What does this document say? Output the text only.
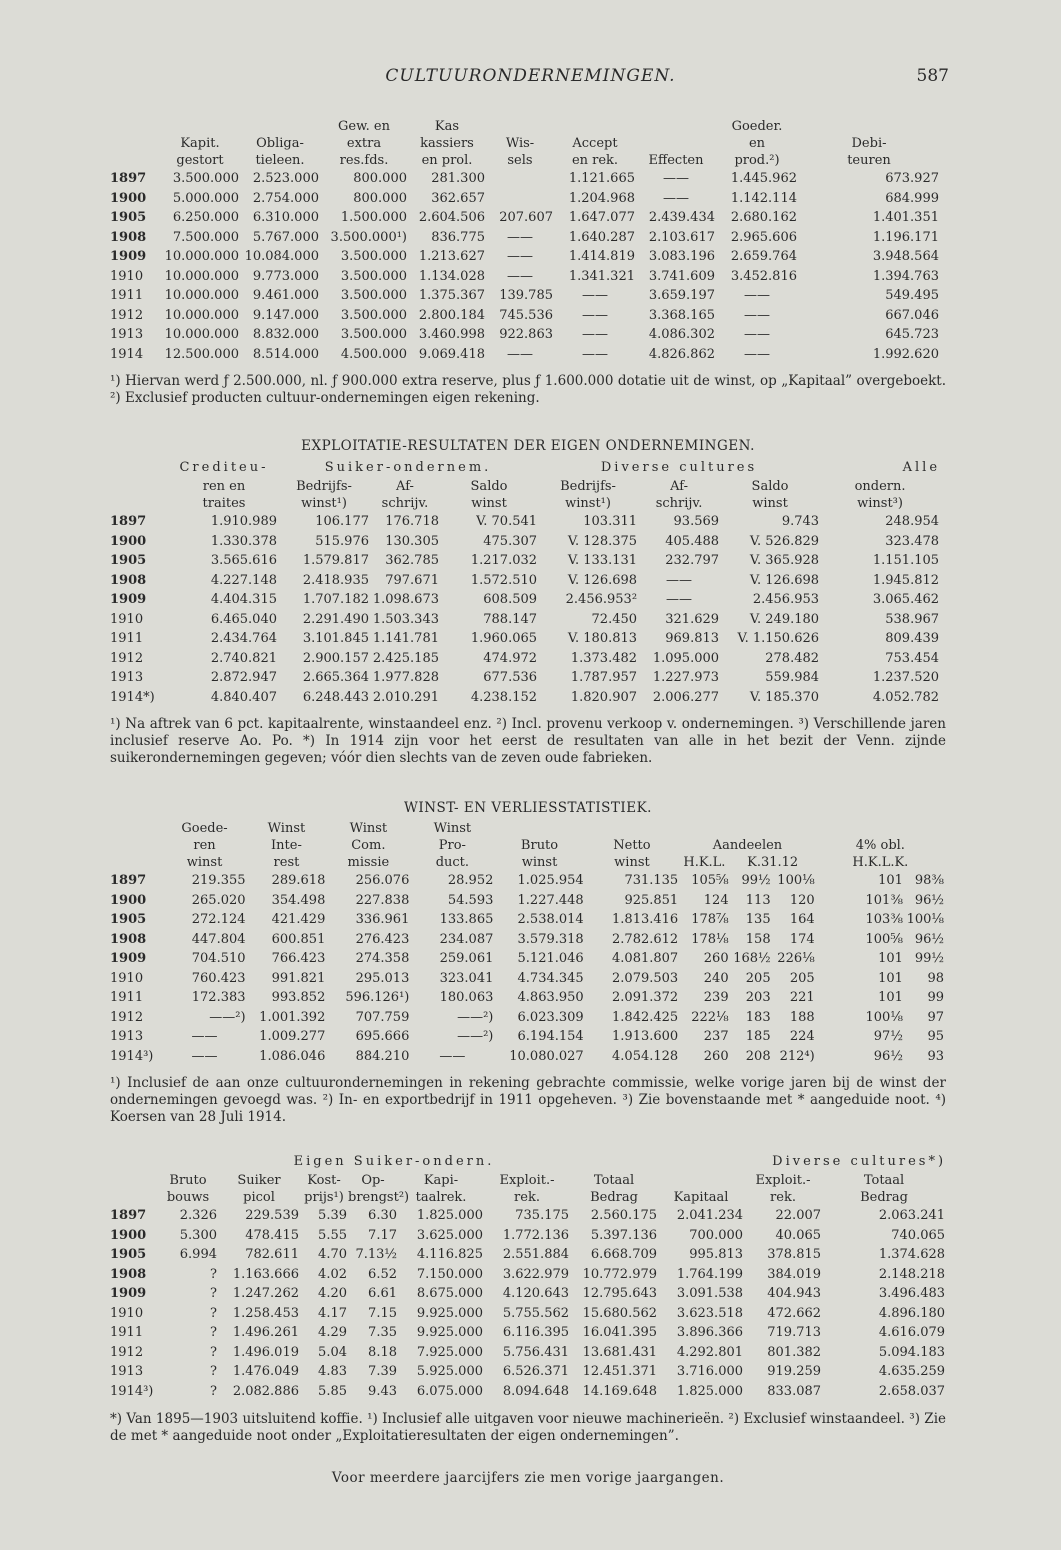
CULTUURONDERNEMINGEN.	587
			Gew. en	Kas				Goeder.	
	Kapit.	Obliga-	extra	kassiers	Wis-	Accept		en	Debi-
	gestort	tieleen.	res.fds.	en prol.	sels	en rek.	Effecten	prod.²)	teuren
1897	3.500.000	2.523.000	800.000	281.300		1.121.665	——	1.445.962	673.927
1900	5.000.000	2.754.000	800.000	362.657		1.204.968	——	1.142.114	684.999
1905	6.250.000	6.310.000	1.500.000	2.604.506	207.607	1.647.077	2.439.434	2.680.162	1.401.351
1908	7.500.000	5.767.000	3.500.000¹)	836.775	——	1.640.287	2.103.617	2.965.606	1.196.171
1909	10.000.000	10.084.000	3.500.000	1.213.627	——	1.414.819	3.083.196	2.659.764	3.948.564
1910	10.000.000	9.773.000	3.500.000	1.134.028	——	1.341.321	3.741.609	3.452.816	1.394.763
1911	10.000.000	9.461.000	3.500.000	1.375.367	139.785	——	3.659.197	——	549.495
1912	10.000.000	9.147.000	3.500.000	2.800.184	745.536	——	3.368.165	——	667.046
1913	10.000.000	8.832.000	3.500.000	3.460.998	922.863	——	4.086.302	——	645.723
1914	12.500.000	8.514.000	4.500.000	9.069.418	——	——	4.826.862	——	1.992.620
¹) Hiervan werd ƒ 2.500.000, nl. ƒ 900.000 extra reserve, plus ƒ 1.600.000 dotatie uit de winst, op „Kapitaal” overgeboekt. ²) Exclusief producten cultuur-ondernemingen eigen rekening.
EXPLOITATIE-RESULTATEN DER EIGEN ONDERNEMINGEN.
	Crediteu-	Suiker-ondernem.			Diverse cultures			Alle
	ren en	Bedrijfs-	Af-	Saldo	Bedrijfs-	Af-	Saldo	ondern.
	traites	winst¹)	schrijv.	winst	winst¹)	schrijv.	winst	winst³)
1897	1.910.989	106.177	176.718	V. 70.541	103.311	93.569	9.743	248.954
1900	1.330.378	515.976	130.305	475.307	V. 128.375	405.488	V. 526.829	323.478
1905	3.565.616	1.579.817	362.785	1.217.032	V. 133.131	232.797	V. 365.928	1.151.105
1908	4.227.148	2.418.935	797.671	1.572.510	V. 126.698	——	V. 126.698	1.945.812
1909	4.404.315	1.707.182	1.098.673	608.509	2.456.953²	——	2.456.953	3.065.462
1910	6.465.040	2.291.490	1.503.343	788.147	72.450	321.629	V. 249.180	538.967
1911	2.434.764	3.101.845	1.141.781	1.960.065	V. 180.813	969.813	V. 1.150.626	809.439
1912	2.740.821	2.900.157	2.425.185	474.972	1.373.482	1.095.000	278.482	753.454
1913	2.872.947	2.665.364	1.977.828	677.536	1.787.957	1.227.973	559.984	1.237.520
1914*)	4.840.407	6.248.443	2.010.291	4.238.152	1.820.907	2.006.277	V. 185.370	4.052.782
¹) Na aftrek van 6 pct. kapitaalrente, winstaandeel enz. ²) Incl. provenu verkoop v. ondernemingen. ³) Verschillende jaren inclusief reserve Ao. Po. *) In 1914 zijn voor het eerst de resultaten van alle in het bezit der Venn. zijnde suikerondernemingen gegeven; vóór dien slechts van de zeven oude fabrieken.
WINST- EN VERLIESSTATISTIEK.
	Goede-	Winst	Winst	Winst							
	ren	Inte-	Com.	Pro-	Bruto	Netto	Aandeelen			4% obl.	
	winst	rest	missie	duct.	winst	winst	H.K.L.	K.31.12		H.K.L.K.	
1897	219.355	289.618	256.076	28.952	1.025.954	731.135	105⅝	99½	100⅛	101	98⅜
1900	265.020	354.498	227.838	54.593	1.227.448	925.851	124	113	120	101⅜	96½
1905	272.124	421.429	336.961	133.865	2.538.014	1.813.416	178⅞	135	164	103⅜	100⅛
1908	447.804	600.851	276.423	234.087	3.579.318	2.782.612	178⅛	158	174	100⅝	96½
1909	704.510	766.423	274.358	259.061	5.121.046	4.081.807	260	168½	226⅛	101	99½
1910	760.423	991.821	295.013	323.041	4.734.345	2.079.503	240	205	205	101	98
1911	172.383	993.852	596.126¹)	180.063	4.863.950	2.091.372	239	203	221	101	99
1912	——²)	1.001.392	707.759	——²)	6.023.309	1.842.425	222⅛	183	188	100⅛	97
1913	——	1.009.277	695.666	——²)	6.194.154	1.913.600	237	185	224	97½	95
1914³)	——	1.086.046	884.210	——	10.080.027	4.054.128	260	208	212⁴)	96½	93
¹) Inclusief de aan onze cultuurondernemingen in rekening gebrachte commissie, welke vorige jaren bij de winst der ondernemingen gevoegd was. ²) In- en exportbedrijf in 1911 opgeheven. ³) Zie bovenstaande met * aangeduide noot. ⁴) Koersen van 28 Juli 1914.
		Eigen Suiker-ondern.					Diverse cultures*)			
	Bruto	Suiker	Kost-	Op-	Kapi-	Exploit.-	Totaal		Exploit.-	Totaal
	bouws	picol	prijs¹)	brengst²)	taalrek.	rek.	Bedrag	Kapitaal	rek.	Bedrag
1897	2.326	229.539	5.39	6.30	1.825.000	735.175	2.560.175	2.041.234	22.007	2.063.241
1900	5.300	478.415	5.55	7.17	3.625.000	1.772.136	5.397.136	700.000	40.065	740.065
1905	6.994	782.611	4.70	7.13½	4.116.825	2.551.884	6.668.709	995.813	378.815	1.374.628
1908	?	1.163.666	4.02	6.52	7.150.000	3.622.979	10.772.979	1.764.199	384.019	2.148.218
1909	?	1.247.262	4.20	6.61	8.675.000	4.120.643	12.795.643	3.091.538	404.943	3.496.483
1910	?	1.258.453	4.17	7.15	9.925.000	5.755.562	15.680.562	3.623.518	472.662	4.896.180
1911	?	1.496.261	4.29	7.35	9.925.000	6.116.395	16.041.395	3.896.366	719.713	4.616.079
1912	?	1.496.019	5.04	8.18	7.925.000	5.756.431	13.681.431	4.292.801	801.382	5.094.183
1913	?	1.476.049	4.83	7.39	5.925.000	6.526.371	12.451.371	3.716.000	919.259	4.635.259
1914³)	?	2.082.886	5.85	9.43	6.075.000	8.094.648	14.169.648	1.825.000	833.087	2.658.037
*) Van 1895—1903 uitsluitend koffie. ¹) Inclusief alle uitgaven voor nieuwe machinerieën. ²) Exclusief winstaandeel. ³) Zie de met * aangeduide noot onder „Exploitatieresultaten der eigen ondernemingen”.
Voor meerdere jaarcijfers zie men vorige jaargangen.
